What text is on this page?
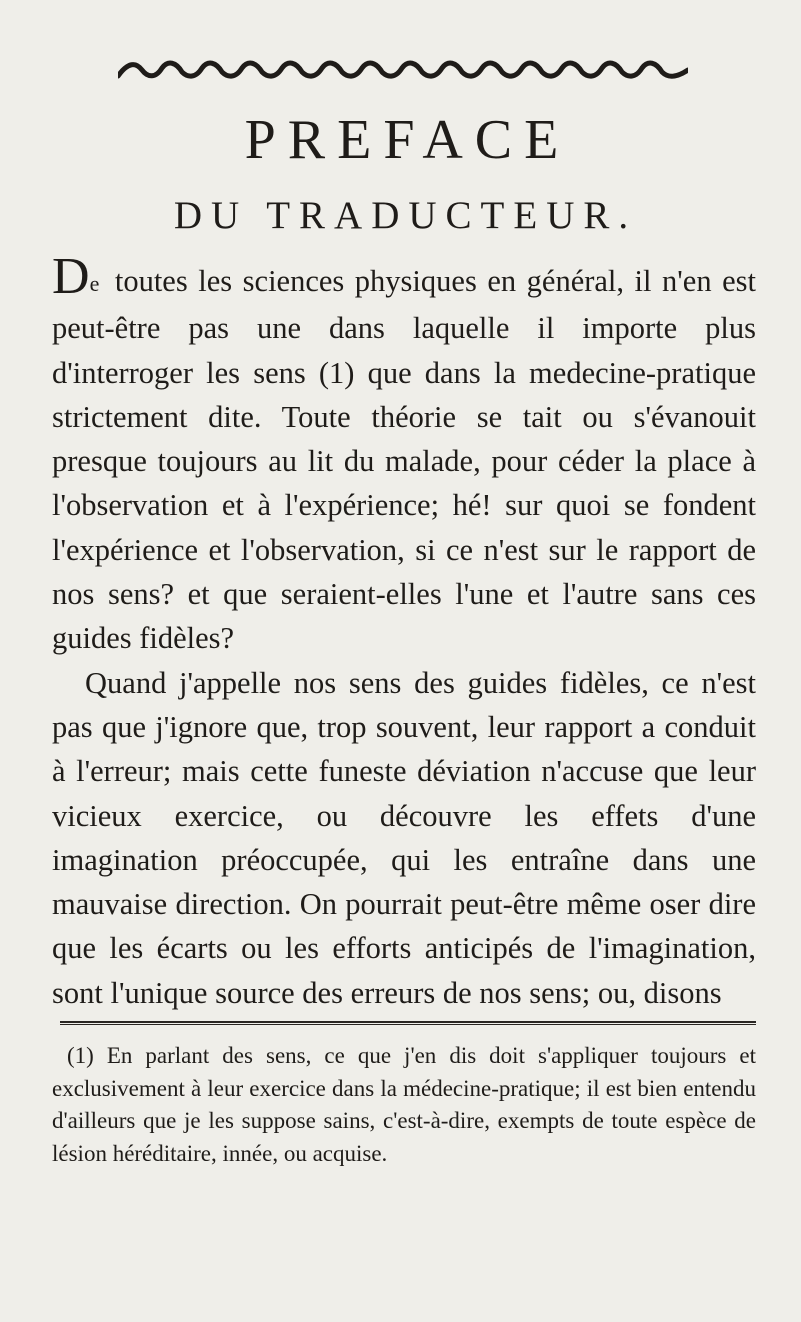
PREFACE
DU TRADUCTEUR.

De toutes les sciences physiques en général, il n'en est peut-être pas une dans laquelle il importe plus d'interroger les sens (1) que dans la medecine-pratique strictement dite. Toute théorie se tait ou s'évanouit presque toujours au lit du malade, pour céder la place à l'observation et à l'expérience; hé! sur quoi se fondent l'expérience et l'observation, si ce n'est sur le rapport de nos sens? et que seraient-elles l'une et l'autre sans ces guides fidèles?

Quand j'appelle nos sens des guides fidèles, ce n'est pas que j'ignore que, trop souvent, leur rapport a conduit à l'erreur; mais cette funeste déviation n'accuse que leur vicieux exercice, ou découvre les effets d'une imagination préoccupée, qui les entraîne dans une mauvaise direction. On pourrait peut-être même oser dire que les écarts ou les efforts anticipés de l'imagination, sont l'unique source des erreurs de nos sens; ou, disons

(1) En parlant des sens, ce que j'en dis doit s'appliquer toujours et exclusivement à leur exercice dans la médecine-pratique; il est bien entendu d'ailleurs que je les suppose sains, c'est-à-dire, exempts de toute espèce de lésion héréditaire, innée, ou acquise.
